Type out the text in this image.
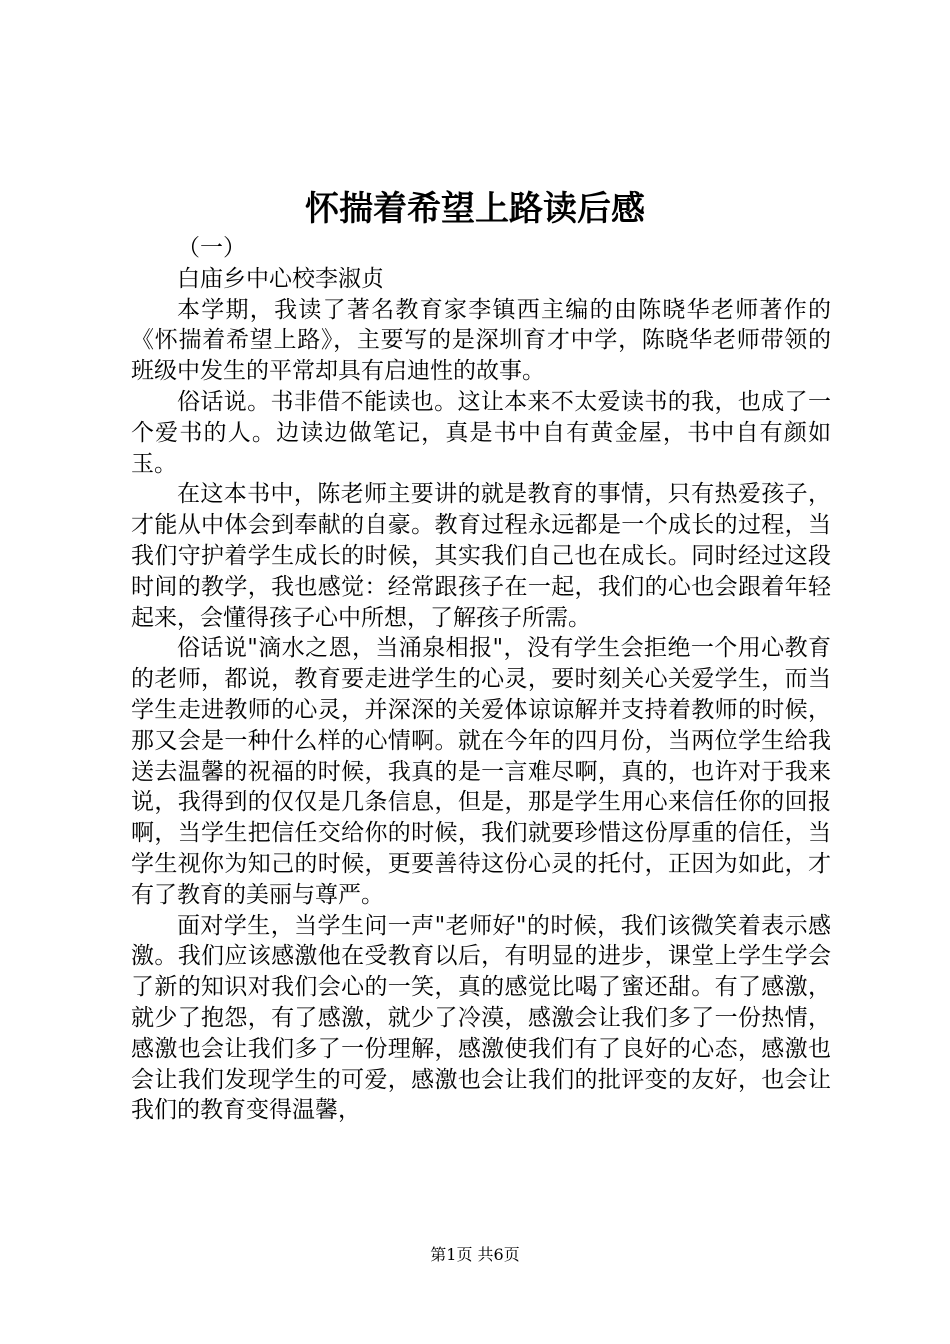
怀揣着希望上路读后感

（一）

白庙乡中心校李淑贞

本学期，我读了著名教育家李镇西主编的由陈晓华老师著作的《怀揣着希望上路》，主要写的是深圳育才中学，陈晓华老师带领的班级中发生的平常却具有启迪性的故事。

俗话说。书非借不能读也。这让本来不太爱读书的我，也成了一个爱书的人。边读边做笔记，真是书中自有黄金屋，书中自有颜如玉。

在这本书中，陈老师主要讲的就是教育的事情，只有热爱孩子，才能从中体会到奉献的自豪。教育过程永远都是一个成长的过程，当我们守护着学生成长的时候，其实我们自己也在成长。同时经过这段时间的教学，我也感觉：经常跟孩子在一起，我们的心也会跟着年轻起来，会懂得孩子心中所想，了解孩子所需。

俗话说"滴水之恩，当涌泉相报"，没有学生会拒绝一个用心教育的老师，都说，教育要走进学生的心灵，要时刻关心关爱学生，而当学生走进教师的心灵，并深深的关爱体谅谅解并支持着教师的时候，那又会是一种什么样的心情啊。就在今年的四月份，当两位学生给我送去温馨的祝福的时候，我真的是一言难尽啊，真的，也许对于我来说，我得到的仅仅是几条信息，但是，那是学生用心来信任你的回报啊，当学生把信任交给你的时候，我们就要珍惜这份厚重的信任，当学生视你为知己的时候，更要善待这份心灵的托付，正因为如此，才有了教育的美丽与尊严。

面对学生，当学生问一声"老师好"的时候，我们该微笑着表示感激。我们应该感激他在受教育以后，有明显的进步，课堂上学生学会了新的知识对我们会心的一笑，真的感觉比喝了蜜还甜。有了感激，就少了抱怨，有了感激，就少了冷漠，感激会让我们多了一份热情，感激也会让我们多了一份理解，感激使我们有了良好的心态，感激也会让我们发现学生的可爱，感激也会让我们的批评变的友好，也会让我们的教育变得温馨，

第1页 共6页
